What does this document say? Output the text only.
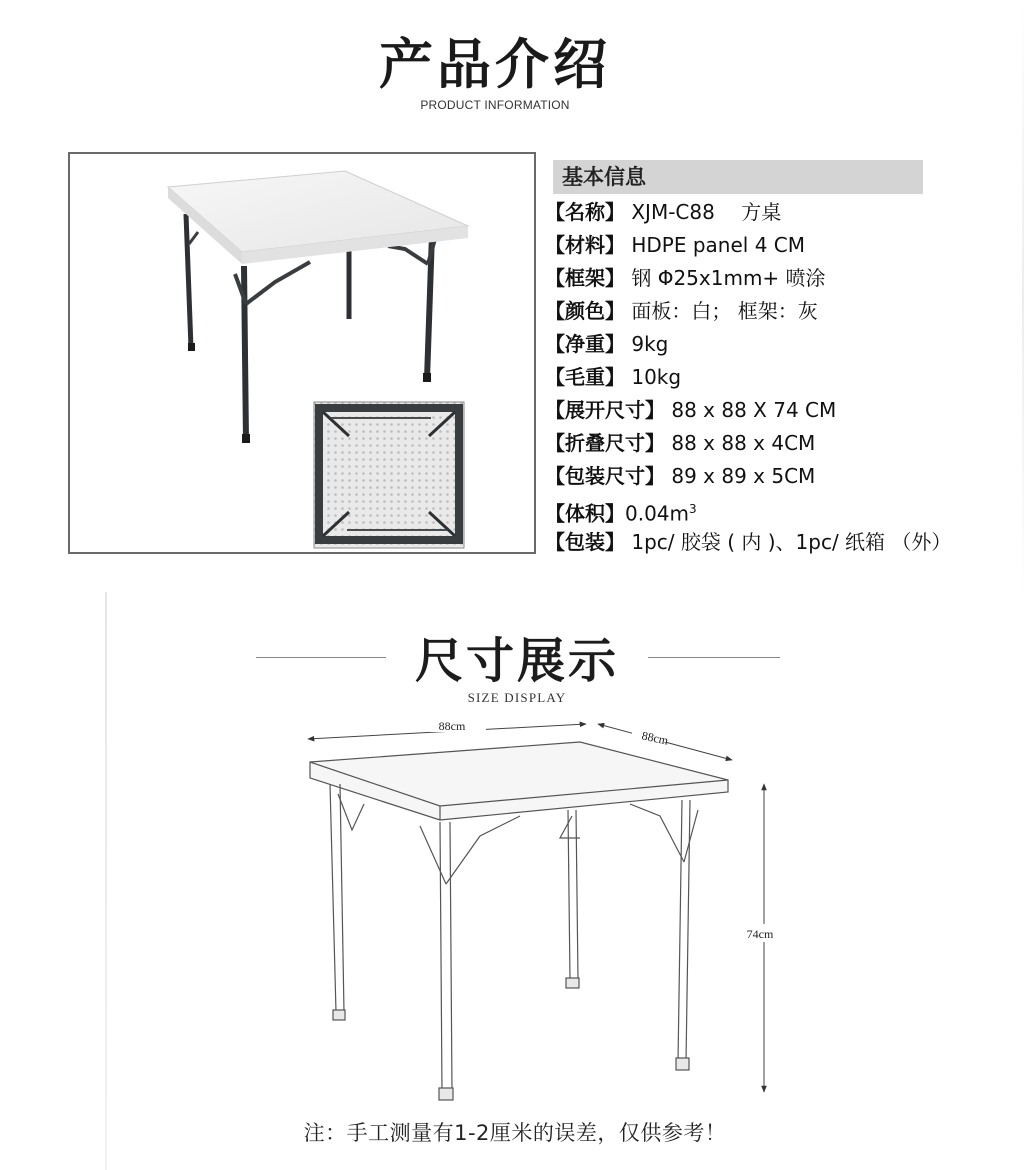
产品介绍
PRODUCT INFORMATION
基本信息
【名称】 XJM-C88　 方桌
【材料】 HDPE panel 4 CM
【框架】 钢 Φ25x1mm+ 喷涂
【颜色】 面板：白； 框架：灰
【净重】 9kg
【毛重】 10kg
【展开尺寸】 88 x 88 X 74 CM
【折叠尺寸】 88 x 88 x 4CM
【包装尺寸】 89 x 89 x 5CM
【体积】$0.04m^3$
【包装】 1pc/ 胶袋 ( 内 )、1pc/ 纸箱 （外）
尺寸展示
SIZE DISPLAY
88cm
88cm
74cm
注：手工测量有1-2厘米的误差，仅供参考！
